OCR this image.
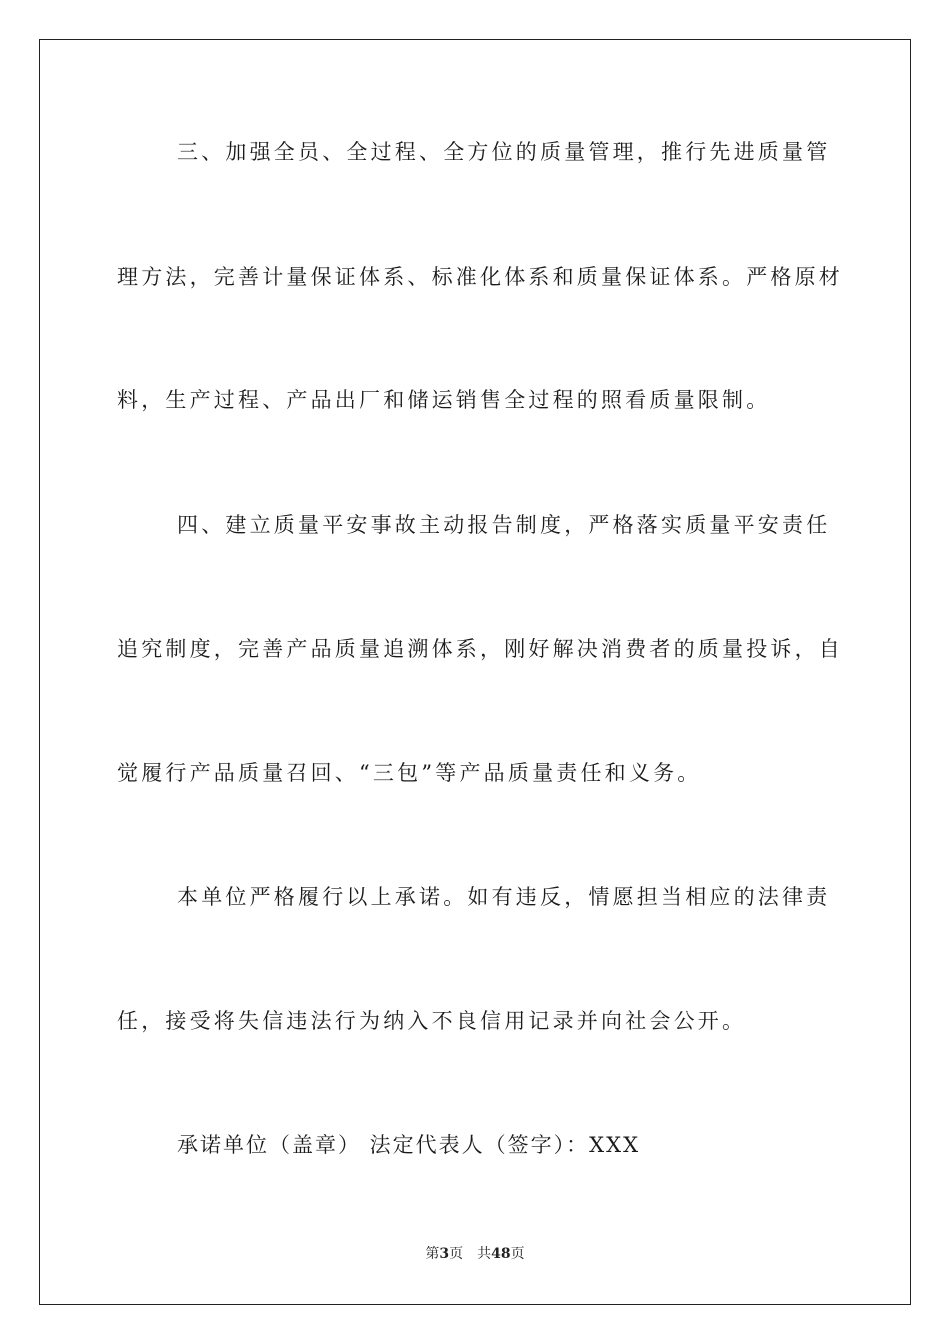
三、加强全员、全过程、全方位的质量管理，推行先进质量管
理方法，完善计量保证体系、标准化体系和质量保证体系。严格原材
料，生产过程、产品出厂和储运销售全过程的照看质量限制。
四、建立质量平安事故主动报告制度，严格落实质量平安责任
追究制度，完善产品质量追溯体系，刚好解决消费者的质量投诉，自
觉履行产品质量召回、“三包”等产品质量责任和义务。
本单位严格履行以上承诺。如有违反，情愿担当相应的法律责
任，接受将失信违法行为纳入不良信用记录并向社会公开。
承诺单位（盖章） 法定代表人（签字）：XXX
第3页 共48页
